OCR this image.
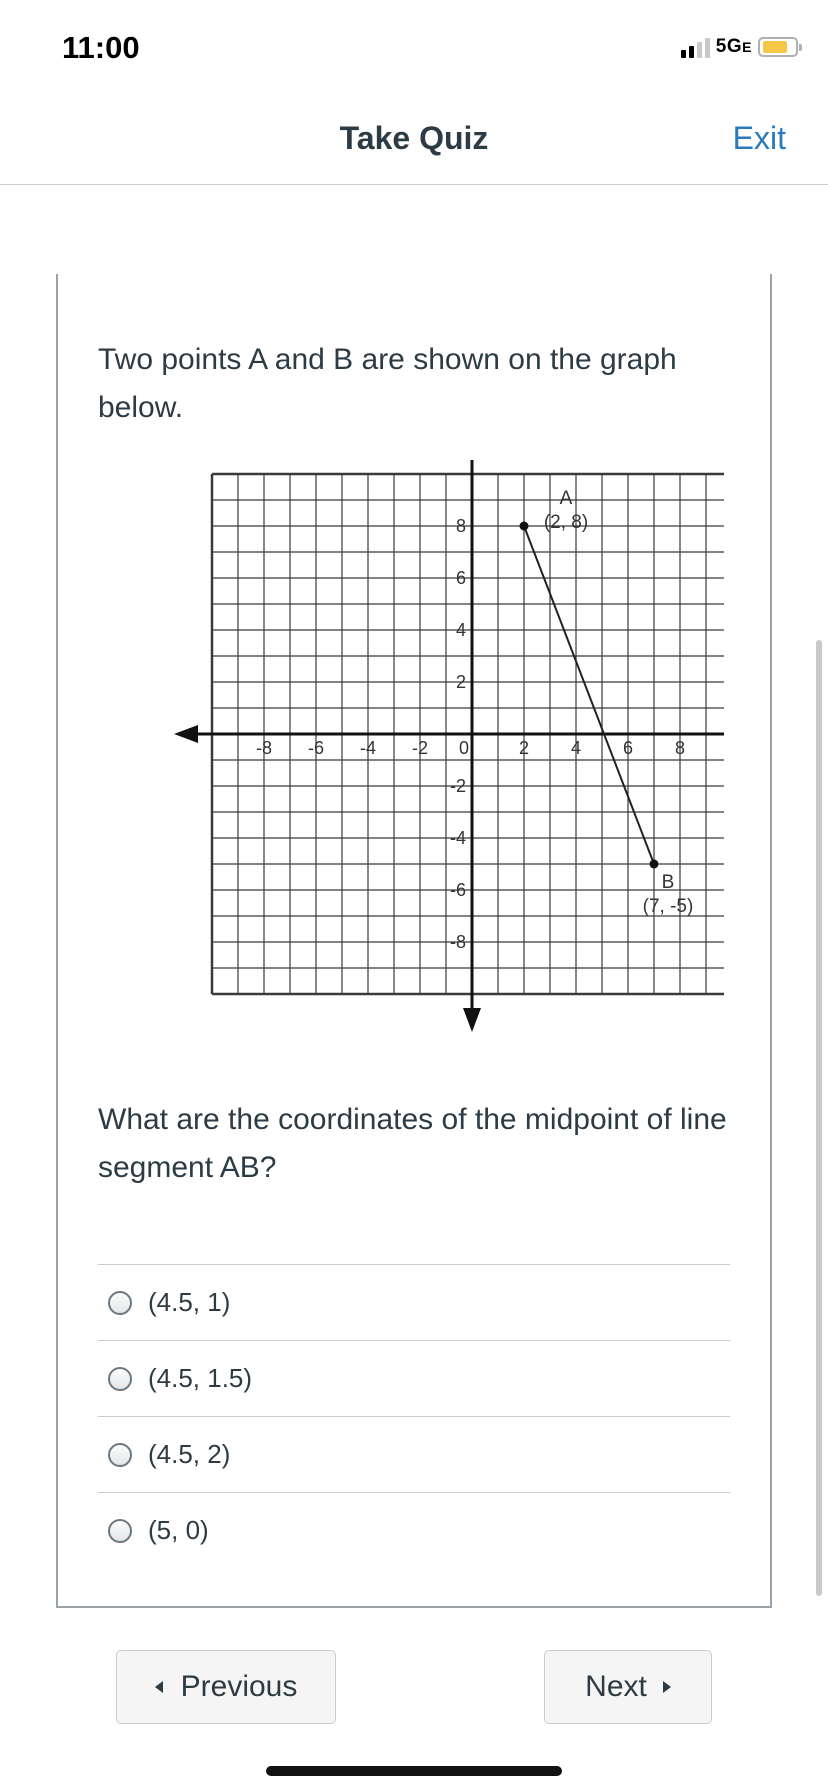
11:00	5GE
Take Quiz	Exit
Two points A and B are shown on the graph below.
-8 -6 -4 -2 0	2 4 6 8
8
6
4
2
-2
-4
-6
-8
A
(2, 8)
B
(7, -5)
What are the coordinates of the midpoint of line segment AB?
(4.5, 1)
(4.5, 1.5)
(4.5, 2)
(5, 0)
Previous	Next
